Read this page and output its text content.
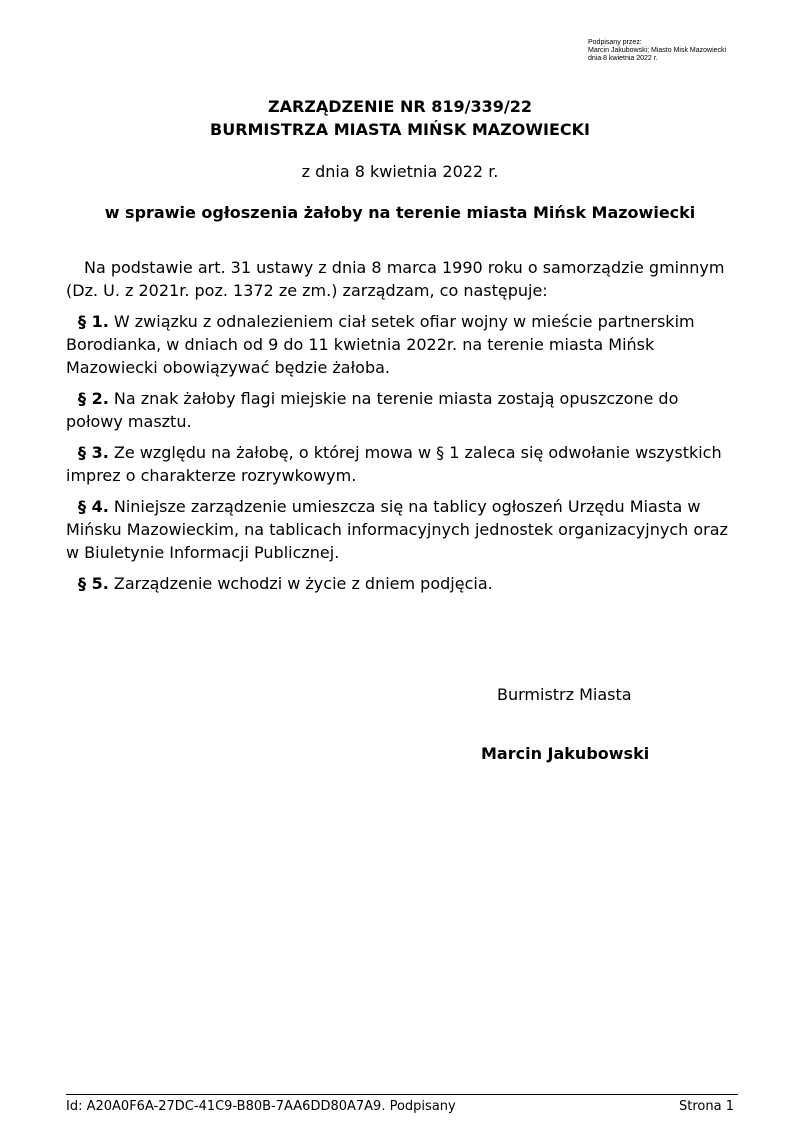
Podpisany przez:
Marcin Jakubowski; Miasto Misk Mazowiecki
dnia 8 kwietnia 2022 r.
ZARZĄDZENIE NR 819/339/22
BURMISTRZA MIASTA MIŃSK MAZOWIECKI
z dnia 8 kwietnia 2022 r.
w sprawie ogłoszenia żałoby na terenie miasta Mińsk Mazowiecki

Na podstawie art. 31 ustawy z dnia 8 marca 1990 roku o samorządzie gminnym (Dz. U. z 2021r. poz. 1372 ze zm.) zarządzam, co następuje:

§ 1. W związku z odnalezieniem ciał setek ofiar wojny w mieście partnerskim Borodianka, w dniach od 9 do 11 kwietnia 2022r. na terenie miasta Mińsk Mazowiecki obowiązywać będzie żałoba.

§ 2. Na znak żałoby flagi miejskie na terenie miasta zostają opuszczone do połowy masztu.

§ 3. Ze względu na żałobę, o której mowa w § 1 zaleca się odwołanie wszystkich imprez o charakterze rozrywkowym.

§ 4. Niniejsze zarządzenie umieszcza się na tablicy ogłoszeń Urzędu Miasta w Mińsku Mazowieckim, na tablicach informacyjnych jednostek organizacyjnych oraz w Biuletynie Informacji Publicznej.

§ 5. Zarządzenie wchodzi w życie z dniem podjęcia.

Burmistrz Miasta
Marcin Jakubowski
Id: A20A0F6A-27DC-41C9-B80B-7AA6DD80A7A9. Podpisany	Strona 1
